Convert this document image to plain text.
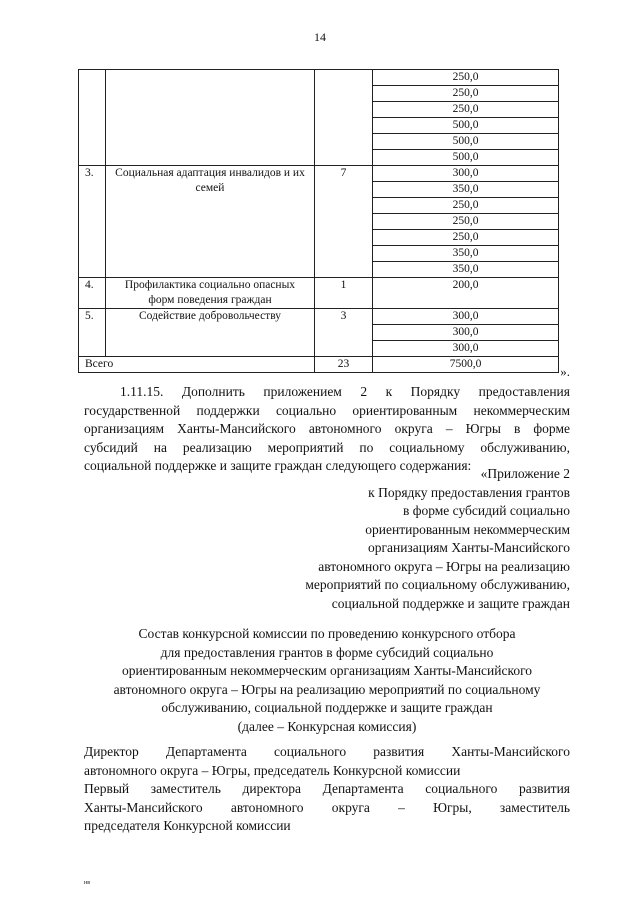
14
			250,0
			250,0
			250,0
			500,0
			500,0
			500,0
3.	Социальная адаптация инвалидов и их семей	7	300,0
			350,0
			250,0
			250,0
			250,0
			350,0
			350,0
4.	Профилактика социально опасных форм поведения граждан	1	200,0
5.	Содействие добровольчеству	3	300,0
			300,0
			300,0
Всего		23	7500,0	».
1.11.15. Дополнить приложением 2 к Порядку предоставления
государственной поддержки социально ориентированным некоммерческим
организациям Ханты-Мансийского автономного округа – Югры в форме
субсидий на реализацию мероприятий по социальному обслуживанию,
социальной поддержке и защите граждан следующего содержания:
«Приложение 2
к Порядку предоставления грантов
в форме субсидий социально
ориентированным некоммерческим
организациям Ханты-Мансийского
автономного округа – Югры на реализацию
мероприятий по социальному обслуживанию,
социальной поддержке и защите граждан
Состав конкурсной комиссии по проведению конкурсного отбора
для предоставления грантов в форме субсидий социально
ориентированным некоммерческим организациям Ханты-Мансийского
автономного округа – Югры на реализацию мероприятий по социальному
обслуживанию, социальной поддержке и защите граждан
(далее – Конкурсная комиссия)
Директор Департамента социального развития Ханты-Мансийского
автономного округа – Югры, председатель Конкурсной комиссии
Первый заместитель директора Департамента социального развития
Ханты-Мансийского автономного округа – Югры, заместитель
председателя Конкурсной комиссии
нв
